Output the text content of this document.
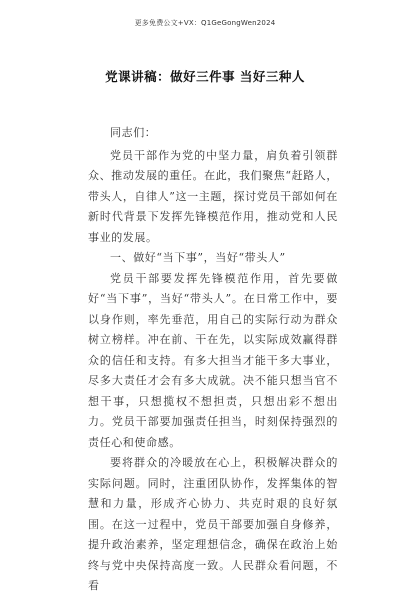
更多免费公文+VX：Q1GeGongWen2024
党课讲稿：做好三件事 当好三种人

同志们：

党员干部作为党的中坚力量，肩负着引领群众、推动发展的重任。在此，我们聚焦“赶路人，带头人，自律人”这一主题，探讨党员干部如何在新时代背景下发挥先锋模范作用，推动党和人民事业的发展。

一、做好“当下事”，当好“带头人”

党员干部要发挥先锋模范作用，首先要做好“当下事”，当好“带头人”。在日常工作中，要以身作则，率先垂范，用自己的实际行动为群众树立榜样。冲在前、干在先，以实际成效赢得群众的信任和支持。有多大担当才能干多大事业，尽多大责任才会有多大成就。决不能只想当官不想干事，只想揽权不想担责，只想出彩不想出力。党员干部要加强责任担当，时刻保持强烈的责任心和使命感。

要将群众的冷暖放在心上，积极解决群众的实际问题。同时，注重团队协作，发挥集体的智慧和力量，形成齐心协力、共克时艰的良好氛围。在这一过程中，党员干部要加强自身修养，提升政治素养，坚定理想信念，确保在政治上始终与党中央保持高度一致。人民群众看问题，不看
